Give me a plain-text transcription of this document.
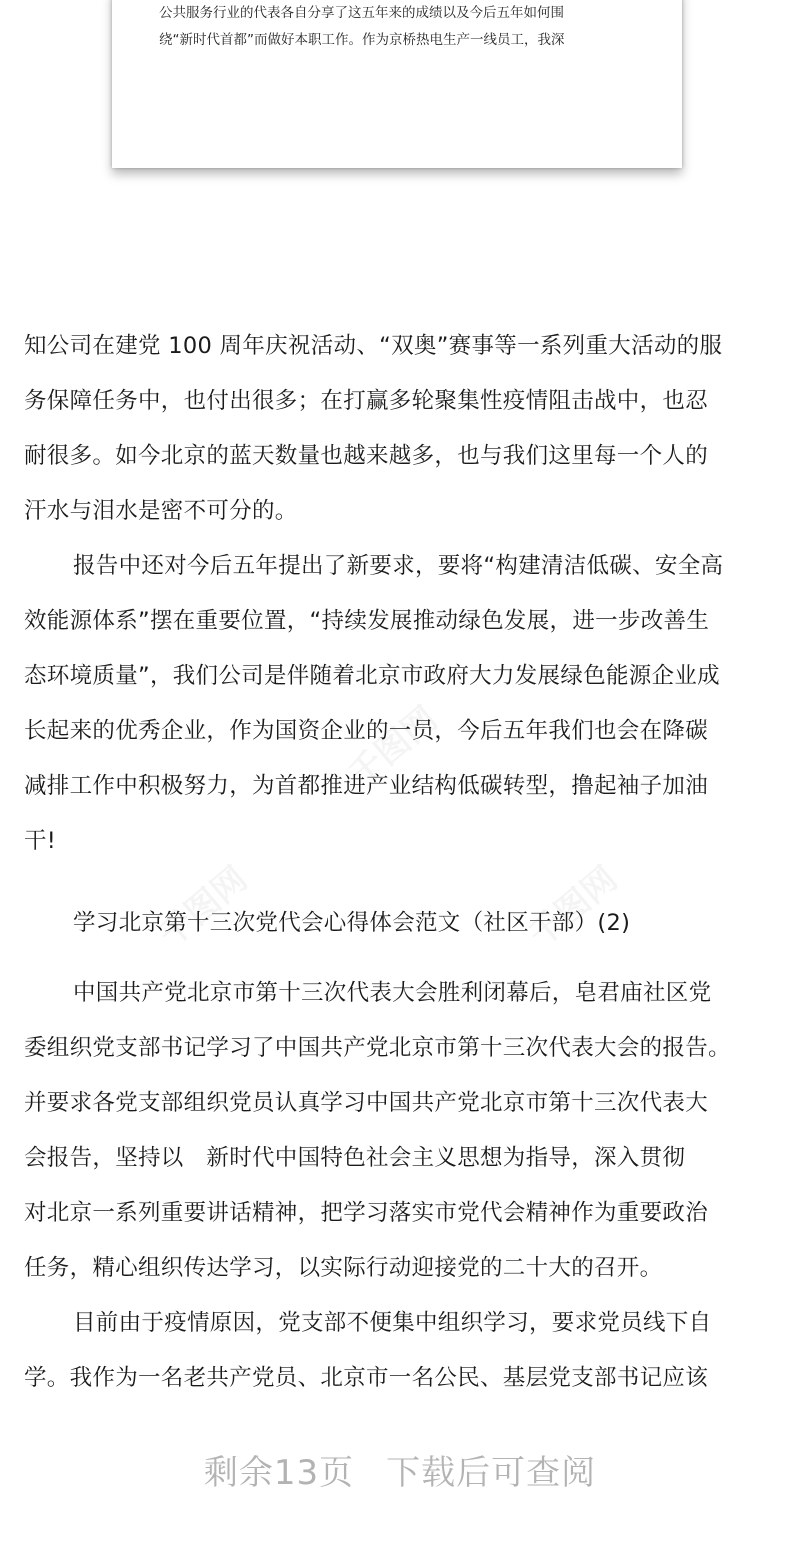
公共服务行业的代表各自分享了这五年来的成绩以及今后五年如何围

绕“新时代首都”而做好本职工作。作为京桥热电生产一线员工，我深

知公司在建党 100 周年庆祝活动、“双奥”赛事等一系列重大活动的服

务保障任务中，也付出很多；在打赢多轮聚集性疫情阻击战中，也忍

耐很多。如今北京的蓝天数量也越来越多，也与我们这里每一个人的

汗水与泪水是密不可分的。

报告中还对今后五年提出了新要求，要将“构建清洁低碳、安全高

效能源体系”摆在重要位置，“持续发展推动绿色发展，进一步改善生

态环境质量”，我们公司是伴随着北京市政府大力发展绿色能源企业成

长起来的优秀企业，作为国资企业的一员，今后五年我们也会在降碳

减排工作中积极努力，为首都推进产业结构低碳转型，撸起袖子加油

干!

学习北京第十三次党代会心得体会范文（社区干部）(2)

中国共产党北京市第十三次代表大会胜利闭幕后，皂君庙社区党

委组织党支部书记学习了中国共产党北京市第十三次代表大会的报告。

并要求各党支部组织党员认真学习中国共产党北京市第十三次代表大

会报告，坚持以　新时代中国特色社会主义思想为指导，深入贯彻

对北京一系列重要讲话精神，把学习落实市党代会精神作为重要政治

任务，精心组织传达学习，以实际行动迎接党的二十大的召开。

目前由于疫情原因，党支部不便集中组织学习，要求党员线下自

学。我作为一名老共产党员、北京市一名公民、基层党支部书记应该

剩余13页 下载后可查阅
